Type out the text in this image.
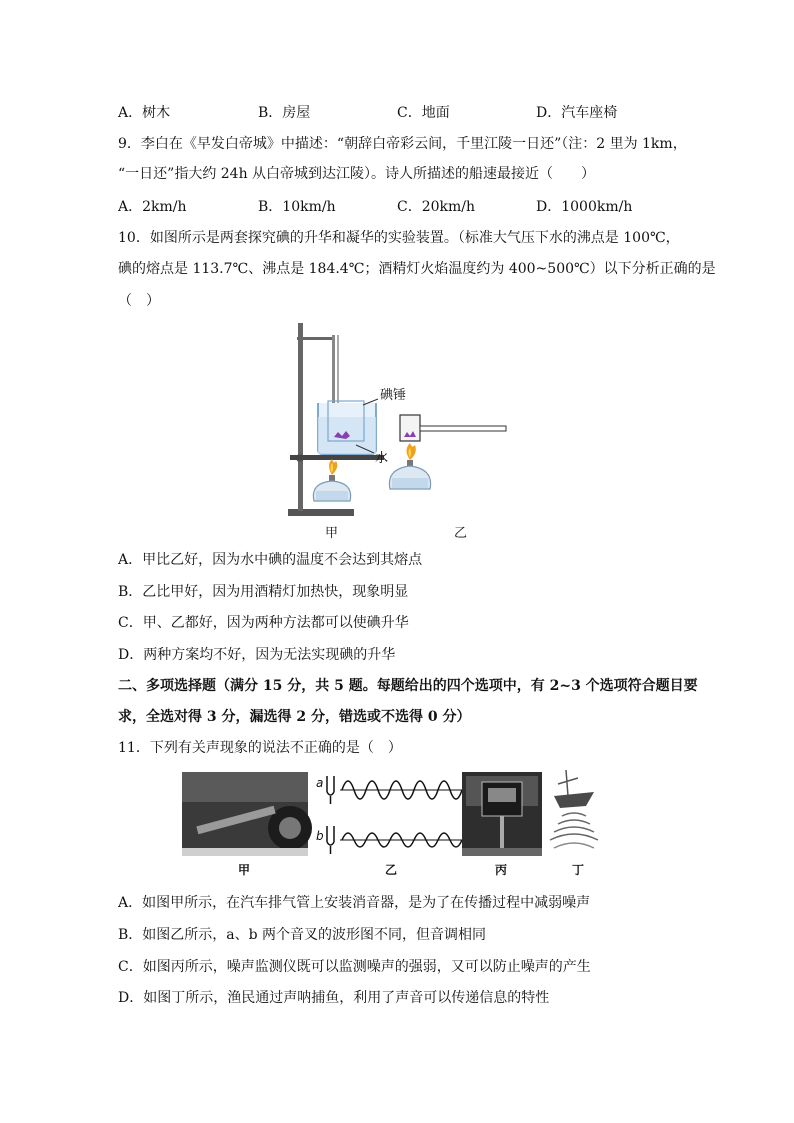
A．树木	B．房屋	C．地面	D．汽车座椅
9．李白在《早发白帝城》中描述：“朝辞白帝彩云间，千里江陵一日还”（注：2 里为 1km，
“一日还”指大约 24h 从白帝城到达江陵）。诗人所描述的船速最接近（　　）
A．2km/h	B．10km/h	C．20km/h	D．1000km/h
10．如图所示是两套探究碘的升华和凝华的实验装置。（标准大气压下水的沸点是 100℃，
碘的熔点是 113.7℃、沸点是 184.4℃；酒精灯火焰温度约为 400~500℃）以下分析正确的是
（　）
水
碘锤
甲	乙
A．甲比乙好，因为水中碘的温度不会达到其熔点
B．乙比甲好，因为用酒精灯加热快，现象明显
C．甲、乙都好，因为两种方法都可以使碘升华
D．两种方案均不好，因为无法实现碘的升华
二、多项选择题（满分 15 分，共 5 题。每题给出的四个选项中，有 2~3 个选项符合题目要
求，全选对得 3 分，漏选得 2 分，错选或不选得 0 分）
11．下列有关声现象的说法不正确的是（　）
甲
a
b
乙	丙	丁
A．如图甲所示，在汽车排气管上安装消音器，是为了在传播过程中减弱噪声
B．如图乙所示，a、b 两个音叉的波形图不同，但音调相同
C．如图丙所示，噪声监测仪既可以监测噪声的强弱，又可以防止噪声的产生
D．如图丁所示，渔民通过声呐捕鱼，利用了声音可以传递信息的特性
